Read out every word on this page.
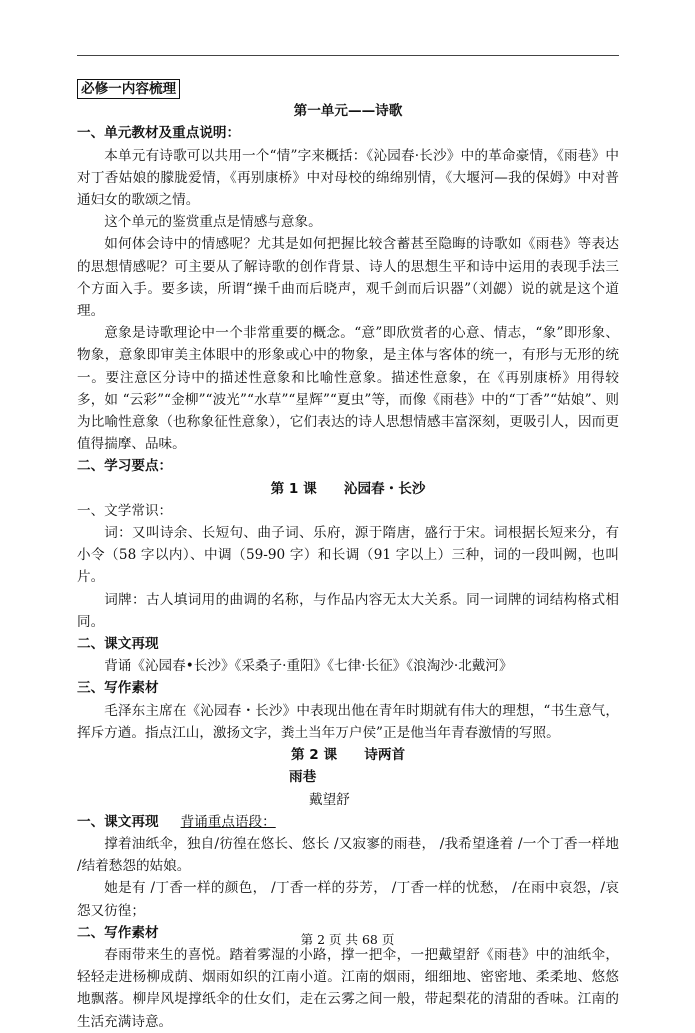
必修一内容梳理
第一单元——诗歌
一、单元教材及重点说明：

本单元有诗歌可以共用一个“情”字来概括：《沁园春·长沙》中的革命豪情，《雨巷》中对丁香姑娘的朦胧爱情，《再别康桥》中对母校的绵绵别情，《大堰河—我的保姆》中对普通妇女的歌颂之情。

这个单元的鉴赏重点是情感与意象。

如何体会诗中的情感呢？尤其是如何把握比较含蓄甚至隐晦的诗歌如《雨巷》等表达的思想情感呢？可主要从了解诗歌的创作背景、诗人的思想生平和诗中运用的表现手法三个方面入手。要多读，所谓“操千曲而后晓声，观千剑而后识器”（刘勰）说的就是这个道理。

意象是诗歌理论中一个非常重要的概念。“意”即欣赏者的心意、情志，“象”即形象、物象，意象即审美主体眼中的形象或心中的物象，是主体与客体的统一，有形与无形的统一。要注意区分诗中的描述性意象和比喻性意象。描述性意象，在《再别康桥》用得较多，如 “云彩”“金柳”“波光”“水草”“星辉”“夏虫”等，而像《雨巷》中的“丁香”“姑娘”、则为比喻性意象（也称象征性意象），它们表达的诗人思想情感丰富深刻，更吸引人，因而更值得揣摩、品味。

二、学习要点：
第 1 课　　沁园春・长沙
一、文学常识：

词：又叫诗余、长短句、曲子词、乐府，源于隋唐，盛行于宋。词根据长短来分，有小令（58 字以内）、中调（59-90 字）和长调（91 字以上）三种，词的一段叫阙，也叫片。

词牌：古人填词用的曲调的名称，与作品内容无太大关系。同一词牌的词结构格式相同。

二、课文再现

背诵《沁园春•长沙》《采桑子·重阳》《七律·长征》《浪淘沙·北戴河》

三、写作素材

毛泽东主席在《沁园春・长沙》中表现出他在青年时期就有伟大的理想，“书生意气，挥斥方遒。指点江山，激扬文字，粪土当年万户侯”正是他当年青春激情的写照。

第 2 课　　诗两首
雨巷
戴望舒
一、课文再现 背诵重点语段：

撑着油纸伞，独自/彷徨在悠长、悠长 /又寂寥的雨巷， /我希望逢着 /一个丁香一样地 /结着愁怨的姑娘。

她是有 /丁香一样的颜色， /丁香一样的芬芳， /丁香一样的忧愁， /在雨中哀怨，/哀怨又彷徨；

二、写作素材

春雨带来生的喜悦。踏着雾湿的小路，撑一把伞，一把戴望舒《雨巷》中的油纸伞，轻轻走进杨柳成荫、烟雨如织的江南小道。江南的烟雨，细细地、密密地、柔柔地、悠悠地飘落。柳岸风堤撑纸伞的仕女们，走在云雾之间一般，带起梨花的清甜的香味。江南的生活充满诗意。

第 2 页 共 68 页
